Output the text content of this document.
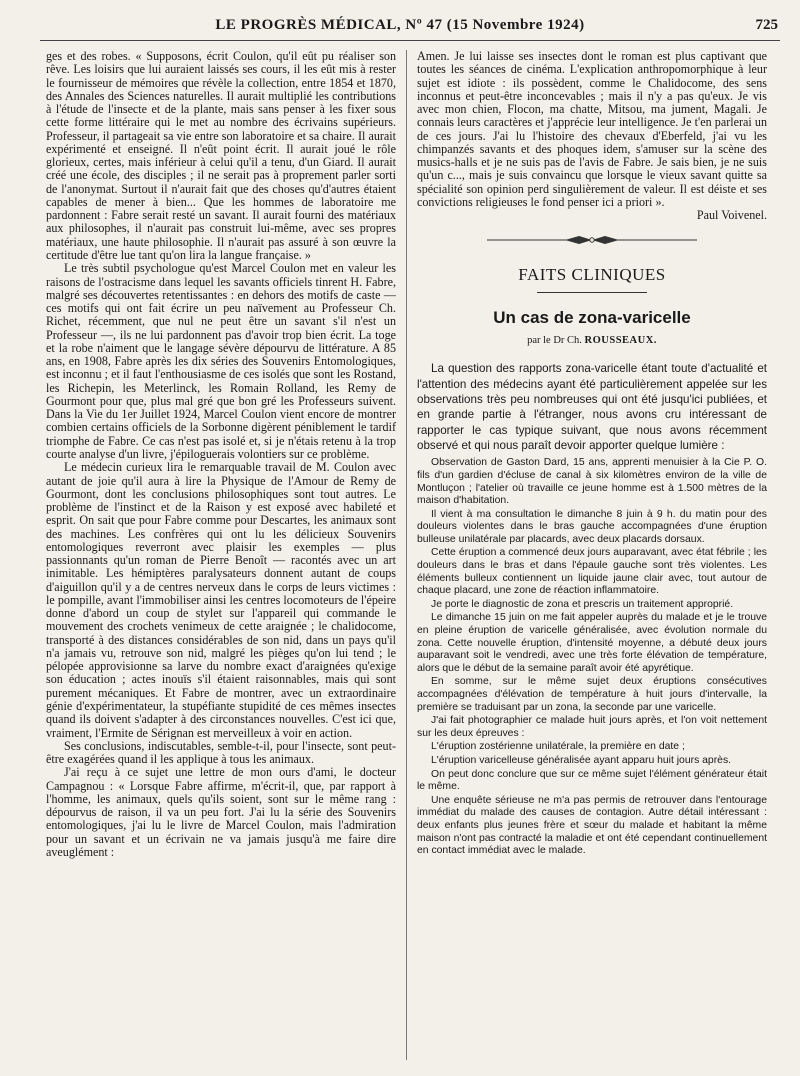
LE PROGRÈS MÉDICAL, Nº 47 (15 Novembre 1924)	725

ges et des robes. « Supposons, écrit Coulon, qu'il eût pu réaliser son rêve. Les loisirs que lui auraient laissés ses cours, il les eût mis à rester le fournisseur de mémoires que révèle la collection, entre 1854 et 1870, des Annales des Sciences naturelles. Il aurait multiplié les contributions à l'étude de l'insecte et de la plante, mais sans penser à les fixer sous cette forme littéraire qui le met au nombre des écrivains supérieurs. Professeur, il partageait sa vie entre son laboratoire et sa chaire. Il aurait expérimenté et enseigné. Il n'eût point écrit. Il aurait joué le rôle glorieux, certes, mais inférieur à celui qu'il a tenu, d'un Giard. Il aurait créé une école, des disciples ; il ne serait pas à proprement parler sorti de l'anonymat. Surtout il n'aurait fait que des choses qu'd'autres étaient capables de mener à bien... Que les hommes de laboratoire me pardonnent : Fabre serait resté un savant. Il aurait fourni des matériaux aux philosophes, il n'aurait pas construit lui-même, avec ses propres matériaux, une haute philosophie. Il n'aurait pas assuré à son œuvre la certitude d'être lue tant qu'on lira la langue française. »

Le très subtil psychologue qu'est Marcel Coulon met en valeur les raisons de l'ostracisme dans lequel les savants officiels tinrent H. Fabre, malgré ses découvertes retentissantes : en dehors des motifs de caste — ces motifs qui ont fait écrire un peu naïvement au Professeur Ch. Richet, récemment, que nul ne peut être un savant s'il n'est un Professeur —, ils ne lui pardonnent pas d'avoir trop bien écrit. La toge et la robe n'aiment que le langage sévère dépourvu de littérature. A 85 ans, en 1908, Fabre après les dix séries des Souvenirs Entomologiques, est inconnu ; et il faut l'enthousiasme de ces isolés que sont les Rostand, les Richepin, les Meterlinck, les Romain Rolland, les Remy de Gourmont pour que, plus mal gré que bon gré les Professeurs suivent. Dans la Vie du 1er Juillet 1924, Marcel Coulon vient encore de montrer combien certains officiels de la Sorbonne digèrent péniblement le tardif triomphe de Fabre. Ce cas n'est pas isolé et, si je n'étais retenu à la trop courte analyse d'un livre, j'épiloguerais volontiers sur ce problème.

Le médecin curieux lira le remarquable travail de M. Coulon avec autant de joie qu'il aura à lire la Physique de l'Amour de Remy de Gourmont, dont les conclusions philosophiques sont tout autres. Le problème de l'instinct et de la Raison y est exposé avec habileté et esprit. On sait que pour Fabre comme pour Descartes, les animaux sont des machines. Les confrères qui ont lu les délicieux Souvenirs entomologiques reverront avec plaisir les exemples — plus passionnants qu'un roman de Pierre Benoît — racontés avec un art inimitable. Les hémiptères paralysateurs donnent autant de coups d'aiguillon qu'il y a de centres nerveux dans le corps de leurs victimes : le pompille, avant l'immobiliser ainsi les centres locomoteurs de l'épeire donne d'abord un coup de stylet sur l'appareil qui commande le mouvement des crochets venimeux de cette araignée ; le chalidocome, transporté à des distances considérables de son nid, dans un pays qu'il n'a jamais vu, retrouve son nid, malgré les pièges qu'on lui tend ; le pélopée approvisionne sa larve du nombre exact d'araignées qu'exige son éducation ; actes inouïs s'il étaient raisonnables, mais qui sont purement mécaniques. Et Fabre de montrer, avec un extraordinaire génie d'expérimentateur, la stupéfiante stupidité de ces mêmes insectes quand ils doivent s'adapter à des circonstances nouvelles. C'est ici que, vraiment, l'Ermite de Sérignan est merveilleux à voir en action.

Ses conclusions, indiscutables, semble-t-il, pour l'insecte, sont peut-être exagérées quand il les applique à tous les animaux.

J'ai reçu à ce sujet une lettre de mon ours d'ami, le docteur Campagnou : « Lorsque Fabre affirme, m'écrit-il, que, par rapport à l'homme, les animaux, quels qu'ils soient, sont sur le même rang : dépourvus de raison, il va un peu fort. J'ai lu la série des Souvenirs entomologiques, j'ai lu le livre de Marcel Coulon, mais l'admiration pour un savant et un écrivain ne va jamais jusqu'à me faire dire aveuglément :

Amen. Je lui laisse ses insectes dont le roman est plus captivant que toutes les séances de cinéma. L'explication anthropomorphique à leur sujet est idiote : ils possèdent, comme le Chalidocome, des sens inconnus et peut-être inconcevables ; mais il n'y a pas qu'eux. Je vis avec mon chien, Flocon, ma chatte, Mitsou, ma jument, Magali. Je connais leurs caractères et j'apprécie leur intelligence. Je t'en parlerai un de ces jours. J'ai lu l'histoire des chevaux d'Eberfeld, j'ai vu les chimpanzés savants et des phoques idem, s'amuser sur la scène des musics-halls et je ne suis pas de l'avis de Fabre. Je sais bien, je ne suis qu'un c..., mais je suis convaincu que lorsque le vieux savant quitte sa spécialité son opinion perd singulièrement de valeur. Il est déiste et ses convictions religieuses le fond penser ici a priori ».

Paul Voivenel.

FAITS CLINIQUES
Un cas de zona-varicelle
par le Dr Ch. ROUSSEAUX.

La question des rapports zona-varicelle étant toute d'actualité et l'attention des médecins ayant été particulièrement appelée sur les observations très peu nombreuses qui ont été jusqu'ici publiées, et en grande partie à l'étranger, nous avons cru intéressant de rapporter le cas typique suivant, que nous avons récemment observé et qui nous paraît devoir apporter quelque lumière :

Observation de Gaston Dard, 15 ans, apprenti menuisier à la Cie P. O. fils d'un gardien d'écluse de canal à six kilomètres environ de la ville de Montluçon ; l'atelier où travaille ce jeune homme est à 1.500 mètres de la maison d'habitation.

Il vient à ma consultation le dimanche 8 juin à 9 h. du matin pour des douleurs violentes dans le bras gauche accompagnées d'une éruption bulleuse unilatérale par placards, avec deux placards dorsaux.

Cette éruption a commencé deux jours auparavant, avec état fébrile ; les douleurs dans le bras et dans l'épaule gauche sont très violentes. Les éléments bulleux contiennent un liquide jaune clair avec, tout autour de chaque placard, une zone de réaction inflammatoire.

Je porte le diagnostic de zona et prescris un traitement approprié.

Le dimanche 15 juin on me fait appeler auprès du malade et je le trouve en pleine éruption de varicelle généralisée, avec évolution normale du zona. Cette nouvelle éruption, d'intensité moyenne, a débuté deux jours auparavant soit le vendredi, avec une très forte élévation de température, alors que le début de la semaine paraît avoir été apyrétique.

En somme, sur le même sujet deux éruptions consécutives accompagnées d'élévation de température à huit jours d'intervalle, la première se traduisant par un zona, la seconde par une varicelle.

J'ai fait photographier ce malade huit jours après, et l'on voit nettement sur les deux épreuves :

L'éruption zostérienne unilatérale, la première en date ;

L'éruption varicelleuse généralisée ayant apparu huit jours après.

On peut donc conclure que sur ce même sujet l'élément générateur était le même.

Une enquête sérieuse ne m'a pas permis de retrouver dans l'entourage immédiat du malade des causes de contagion. Autre détail intéressant : deux enfants plus jeunes frère et sœur du malade et habitant la même maison n'ont pas contracté la maladie et ont été cependant continuellement en contact immédiat avec le malade.
